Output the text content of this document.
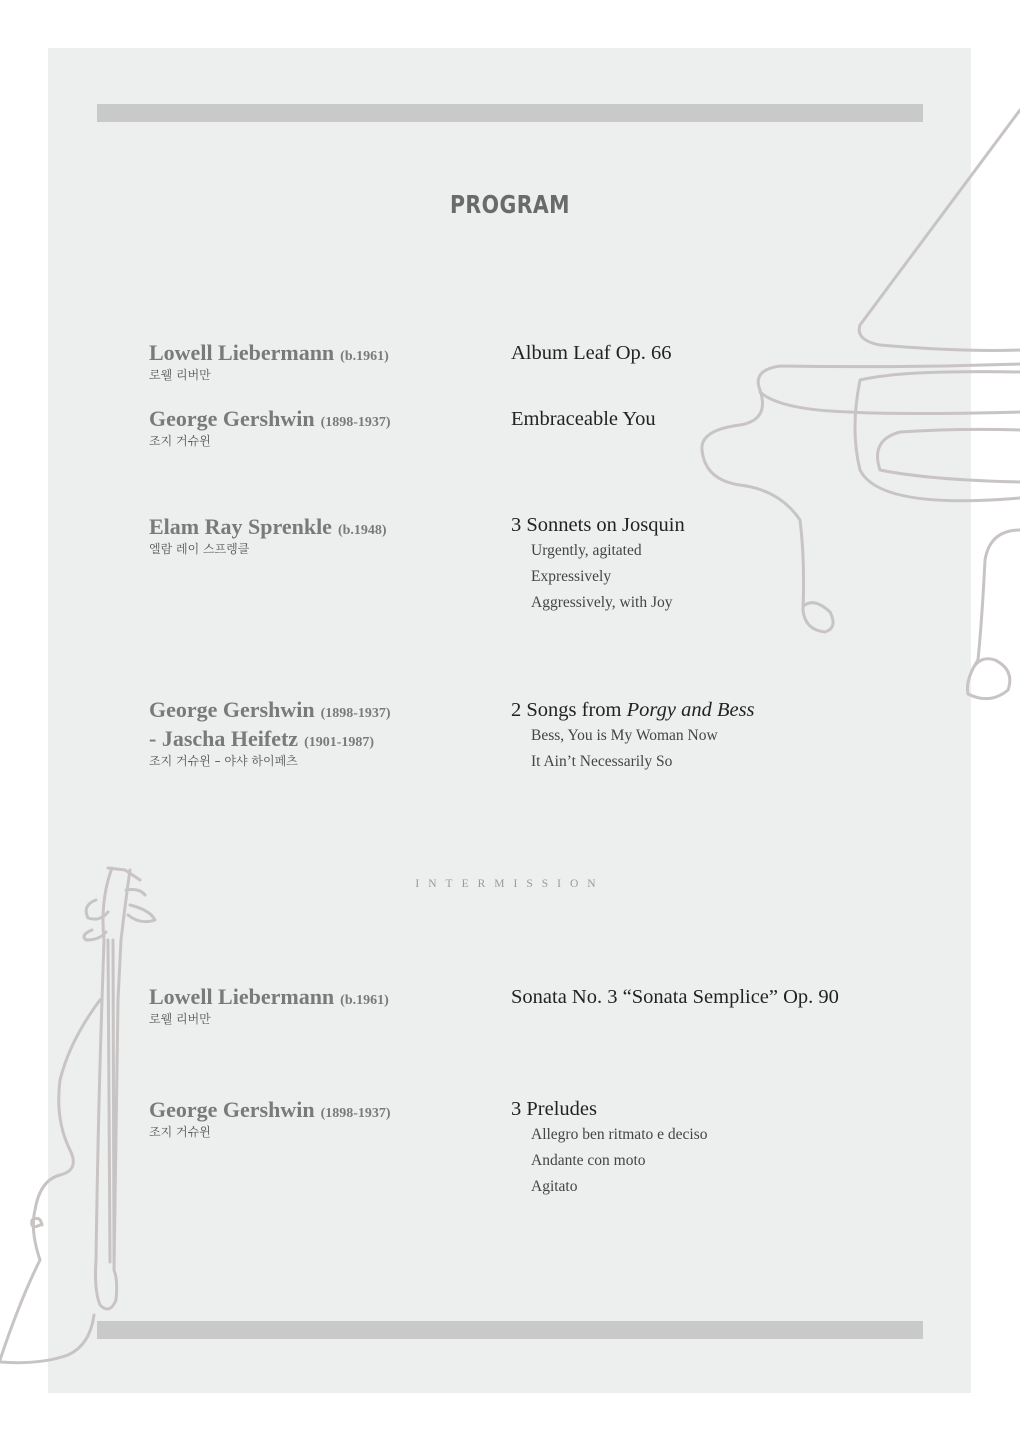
PROGRAM
Lowell Liebermann (b.1961)
로웰 리버만
Album Leaf Op. 66
George Gershwin (1898-1937)
조지 거슈윈
Embraceable You
Elam Ray Sprenkle (b.1948)
엘람 레이 스프렝클
3 Sonnets on Josquin
Urgently, agitated
Expressively
Aggressively, with Joy
George Gershwin (1898-1937)
- Jascha Heifetz (1901-1987)
조지 거슈윈 – 야샤 하이페츠
2 Songs from Porgy and Bess
Bess, You is My Woman Now
It Ain’t Necessarily So
INTERMISSION
Lowell Liebermann (b.1961)
로웰 리버만
Sonata No. 3 “Sonata Semplice” Op. 90
George Gershwin (1898-1937)
조지 거슈윈
3 Preludes
Allegro ben ritmato e deciso
Andante con moto
Agitato
